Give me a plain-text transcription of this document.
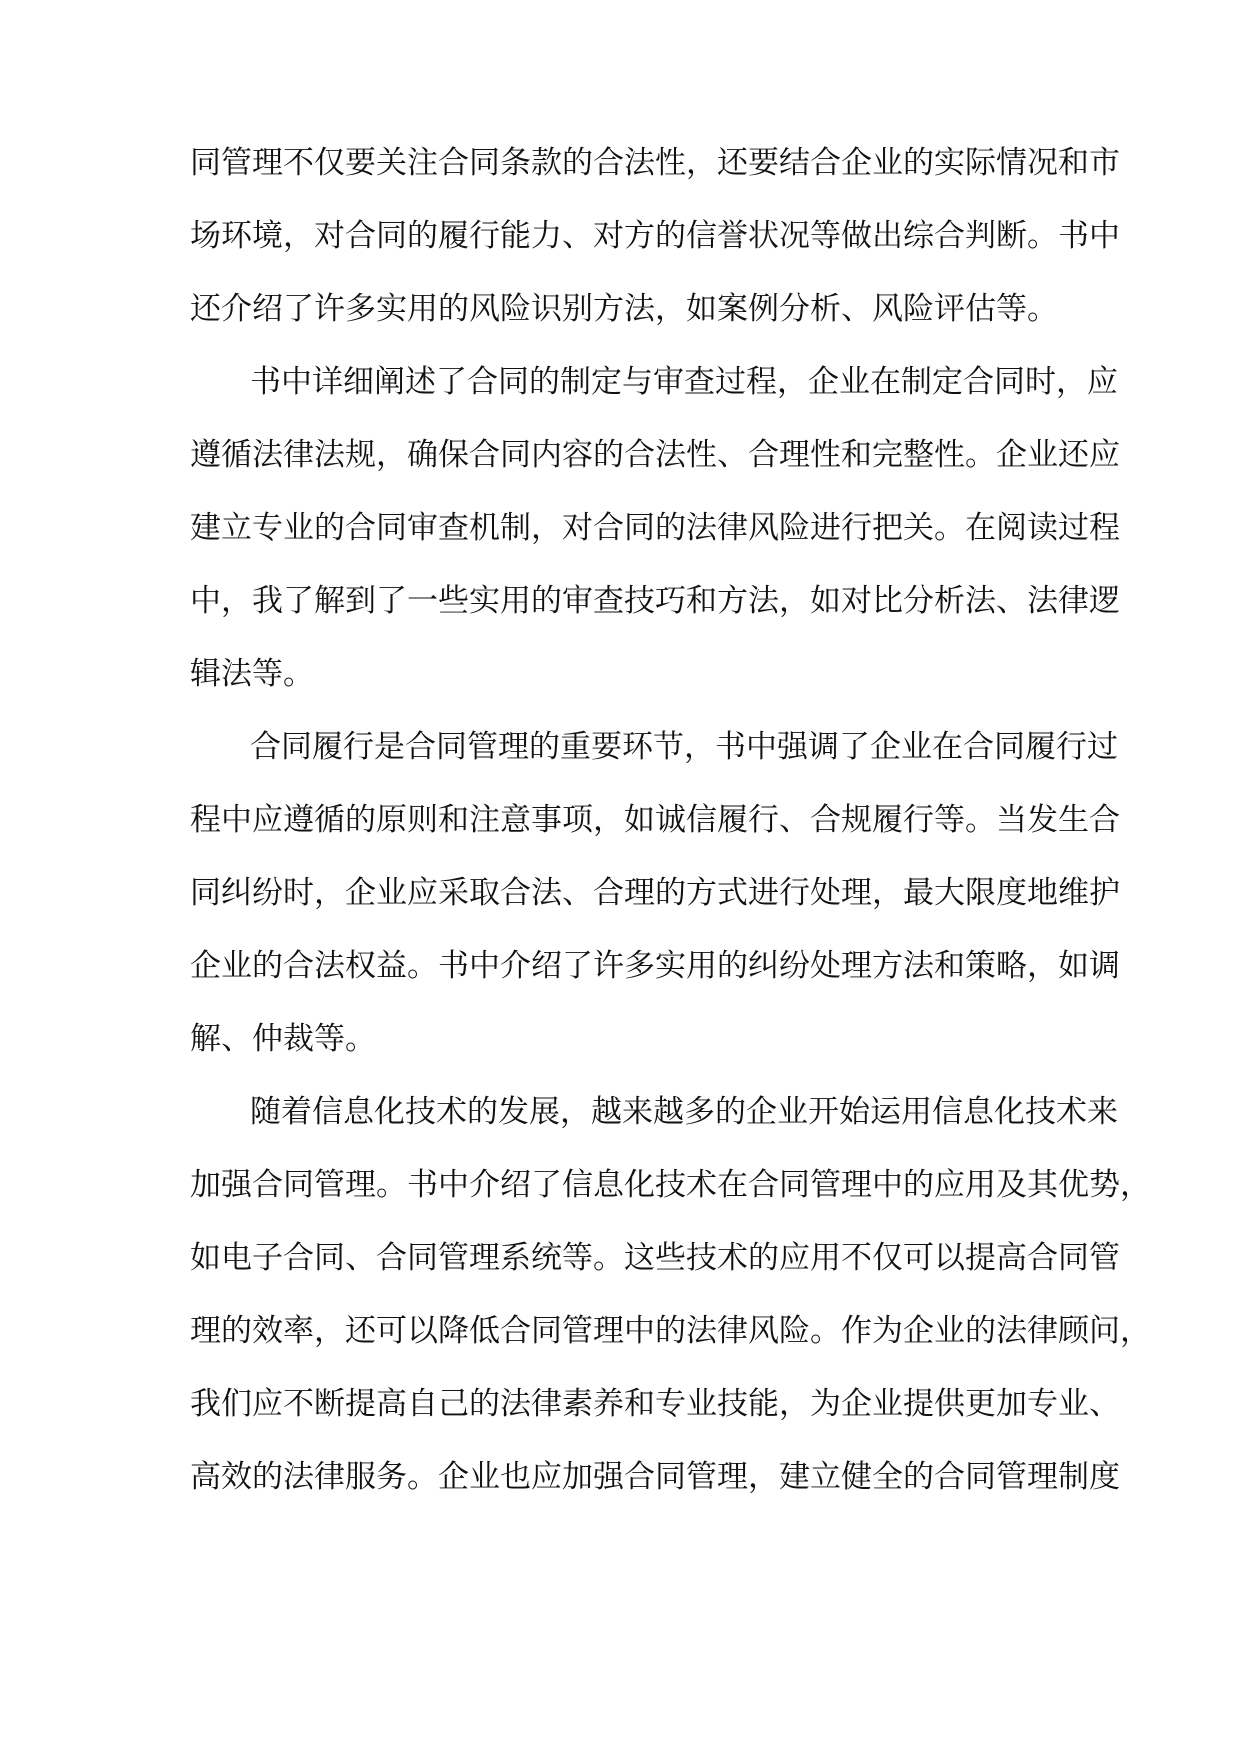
同管理不仅要关注合同条款的合法性，还要结合企业的实际情况和市

场环境，对合同的履行能力、对方的信誉状况等做出综合判断。书中

还介绍了许多实用的风险识别方法，如案例分析、风险评估等。

书中详细阐述了合同的制定与审查过程，企业在制定合同时，应

遵循法律法规，确保合同内容的合法性、合理性和完整性。企业还应

建立专业的合同审查机制，对合同的法律风险进行把关。在阅读过程

中，我了解到了一些实用的审查技巧和方法，如对比分析法、法律逻

辑法等。

合同履行是合同管理的重要环节，书中强调了企业在合同履行过

程中应遵循的原则和注意事项，如诚信履行、合规履行等。当发生合

同纠纷时，企业应采取合法、合理的方式进行处理，最大限度地维护

企业的合法权益。书中介绍了许多实用的纠纷处理方法和策略，如调

解、仲裁等。

随着信息化技术的发展，越来越多的企业开始运用信息化技术来

加强合同管理。书中介绍了信息化技术在合同管理中的应用及其优势，

如电子合同、合同管理系统等。这些技术的应用不仅可以提高合同管

理的效率，还可以降低合同管理中的法律风险。作为企业的法律顾问，

我们应不断提高自己的法律素养和专业技能，为企业提供更加专业、

高效的法律服务。企业也应加强合同管理，建立健全的合同管理制度
